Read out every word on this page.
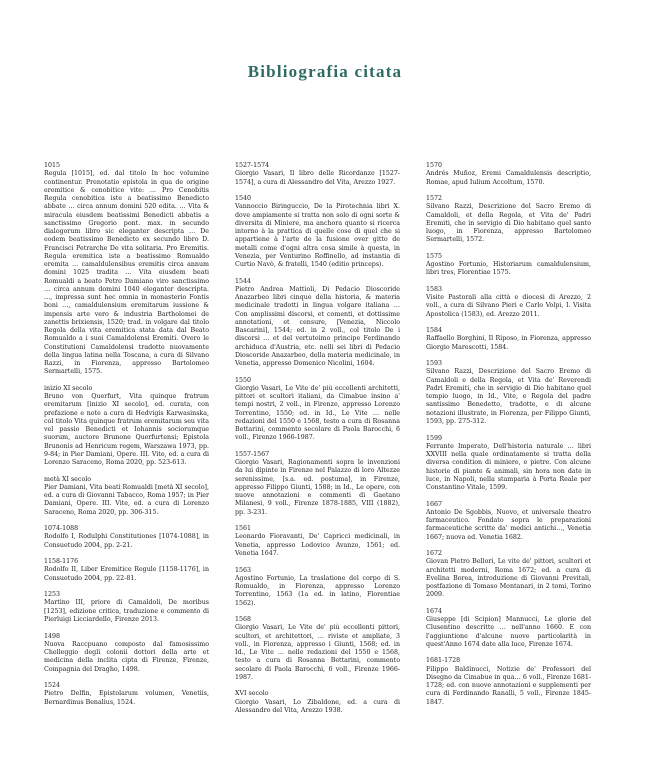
Bibliografia citata
1015
Regula [1015], ed. dal titolo In hoc volumine continentur. Prenotatio epistola in qua de origine eremitice & cenobitice vite: … Pro Cenobitis Regula cenobitica iste a beatissimo Benedicto abbate … circa annum domini 520 edita. … Vita & miracula eiusdem beatissimi Benedicti abbatis a sanctissimo Gregorio pont. max. in secundo dialogorum libro sic eleganter descripta … De eodem beatissimo Benedicto ex secundo libro D. Francisci Petrarche De vita solitaria. Pro Eremitis. Regula eremitica iste a beatissimo Romualdo eremita … camaldulensibus eremitis circa annum domini 1025 tradita … Vita eiusdem beati Romualdi a beato Petro Damiano viro sanctissimo … circa annum domini 1040 eleganter descripta. …, impressa sunt hec omnia in monasterio Fontis boni …, camaldulensium eremitarum iussione & impensis arte vero & industria Bartholomei de zanettis brixiensis, 1520; trad. in volgare dal titolo Regola della vita eremitica stata data dal Beato Romualdo a i suoi Camaldolensi Eremiti. Overo le Constitutioni Camaldolensi tradotte nuovamente della lingua latina nella Toscana, a cura di Silvano Razzi, in Fiorenza, appresso Bartolomeo Sermartelli, 1575.
inizio XI secolo
Bruno von Querfurt, Vita quinque fratrum eremitarum [inizio XI secolo], ed. curata, con prefazione e note a cura di Hedvigis Karwasinska, col titolo Vita quinque fratrum eremitarum seu vita vel passio Benedicti et Iohannis sociorumque suorum, auctore Brunone Querfurtensi; Epistola Brunonis ad Henricum regem, Warszawa 1973, pp. 9-84; in Pier Damiani, Opere. III. Vite, ed. a cura di Lorenzo Saraceno, Roma 2020, pp. 523-613.
metà XI secolo
Pier Damiani, Vita beati Romualdi [metà XI secolo], ed. a cura di Giovanni Tabacco, Roma 1957; in Pier Damiani, Opere. III. Vite, ed. a cura di Lorenzo Saraceno, Roma 2020, pp. 306-315.
1074-1088
Rodolfo I, Rodulphi Constitutiones [1074-1088], in Consuetudo 2004, pp. 2-21.
1158-1176
Rodolfo II, Liber Eremitice Regule [1158-1176], in Consuetudo 2004, pp. 22-81.
1253
Martino III, priore di Camaldoli, De moribus [1253], edizione critica, traduzione e commento di Pierluigi Licciardello, Firenze 2013.
1498
Nuova Raccpuano composto dal famosissimo Chelleggio degli colonii dottori della arte et medicina della inclita cipta di Firenze, Firenze, Compagnia del Dragho, 1498.
1524
Pietro Delfin, Epistolarum volumen, Venetiis, Bernardinus Benalius, 1524.
1527-1574
Giorgio Vasari, Il libro delle Ricordanze [1527-1574], a cura di Alessandro del Vita, Arezzo 1927.
1540
Vannoccio Biringuccio, De la Pirotechnia libri X. dove ampiamente si tratta non solo di ogni sorte & diversita di Miniere, ma anchora quanto si ricerca intorno à la prattica di quelle cose di quel che si appartiene à l'arte de la fusione over gitto de metalli come d'ogni altra cosa simile à questa, in Venezia, per Venturino Roffinello, ad instantia di Curtio Navò, & fratelli, 1540 (editio princeps).
1544
Pietro Andrea Mattioli, Di Pedacio Dioscoride Anazarbeo libri cinque della historia, & materia medicinale tradotti in lingua volgare italiana … Con amplissimi discorsi, et comenti, et dottissime annotationi, et censure, [Venezia, Niccolo Bascarini], 1544; ed. in 2 voll., col titolo De i discorsi … et del vertuteimo principe Ferdinando archiduca d'Austria, etc. nelli sei libri di Pedacio Dioscoride Anazarbeo, della materia medicinale, in Venetia, appresso Domenico Nicolini, 1604.
1550
Giorgio Vasari, Le Vite de' più eccellenti architetti, pittori et scultori italiani, da Cimabue insino a' tempi nostri, 2 voll., in Firenze, appresso Lorenzo Torrentino, 1550; ed. in Id., Le Vite … nelle redazioni del 1550 e 1568, testo a cura di Rosanna Bettarini, commento secolare di Paola Barocchi, 6 voll., Firenze 1966-1987.
1557-1567
Giorgio Vasari, Ragionamenti sopra le invenzioni da lui dipinte in Firenze nel Palazzo di loro Altezze serenissime, [s.a. ed. postuma], in Firenze, appresso Filippo Giunti, 1588; in Id., Le opere, con nuove annotazioni e commenti di Gaetano Milanesi, 9 voll., Firenze 1878-1885, VIII (1882), pp. 3-231.
1561
Leonardo Fioravanti, De' Capricci medicinali, in Venetia, appresso Lodovico Avanzo, 1561; ed. Venetia 1647.
1563
Agostino Fortunio, La traslatione del corpo di S. Romualdo, in Fiorenza, appresso Lorenzo Torrentino, 1563 (1a ed. in latino, Florentiae 1562).
1568
Giorgio Vasari, Le Vite de' più eccellenti pittori, scultori, et architettori, … riviste et ampliate, 3 voll., in Fiorenza, appresso i Giunti, 1568; ed. in Id., Le Vite … nelle redazioni del 1550 e 1568, testo a cura di Rosanna Bettarini, commento secolare di Paola Barocchi, 6 voll., Firenze 1966-1987.
XVI secolo
Giorgio Vasari, Lo Zibaldone, ed. a cura di Alessandro del Vita, Arezzo 1938.
1570
Andrés Muñoz, Eremi Camaldulensis descriptio, Romae, apud Iulium Accoltum, 1570.
1572
Silvano Razzi, Descrizione del Sacro Eremo di Camaldoli, et della Regola, et Vita de' Padri Eremiti, che in servigio di Dio habitano quel santo luogo, in Fiorenza, appresso Bartolomeo Sermartelli, 1572.
1575
Agostino Fortunio, Historiarum camaldulensium, libri tres, Florentiae 1575.
1583
Visite Pastorali alla città e diocesi di Arezzo, 2 voll., a cura di Silvano Pieri e Carlo Volpi, I. Visita Apostolica (1583), ed. Arezzo 2011.
1584
Raffaello Borghini, Il Riposo, in Fiorenza, appresso Giorgio Marescotti, 1584.
1593
Silvano Razzi, Descrizione del Sacro Eremo di Camaldoli e della Regola, et Vita de' Reverendi Padri Eremiti, che in servigio di Dio habitano quel tempio luogo, in Id., Vite, e Regola del padre santissimo Benedetto, tradotte, e di alcune notazioni illustrate, in Fiorenza, per Filippo Giunti, 1593, pp. 275-312.
1599
Ferrante Imperato, Dell'historia naturale … libri XXVIII nella quale ordinatamente si tratta della diversa condition di miniere, e pietre. Con alcune historie di piante & animali, sin hora non date in luce, in Napoli, nella stamparia à Porta Reale per Constantino Vitale, 1599.
1667
Antonio De Sgobbis, Nuovo, et universale theatro farmaceutico. Fondato sopra le preparazioni farmaceutiche scritte da' medici antichi…, Venetia 1667; nuova ed. Venetia 1682.
1672
Giovan Pietro Bellori, Le vite de' pittori, scultori et architetti moderni, Roma 1672; ed. a cura di Evelina Borea, introduzione di Giovanni Previtali, postfazione di Tomaso Montanari, in 2 tomi, Torino 2009.
1674
Giuseppe [di Scipion] Mannucci, Le glorie del Clusentino descritte … nell'anno 1660. E con l'aggiuntione d'alcune nuove particolarità in quest'Anno 1674 date alla luce, Firenze 1674.
1681-1728
Filippo Baldinucci, Notizie de' Professori del Disegno da Cimabue in qua… 6 voll., Firenze 1681-1728; ed. con nuove annotazioni e supplementi per cura di Ferdinando Ranalli, 5 voll., Firenze 1845-1847.
